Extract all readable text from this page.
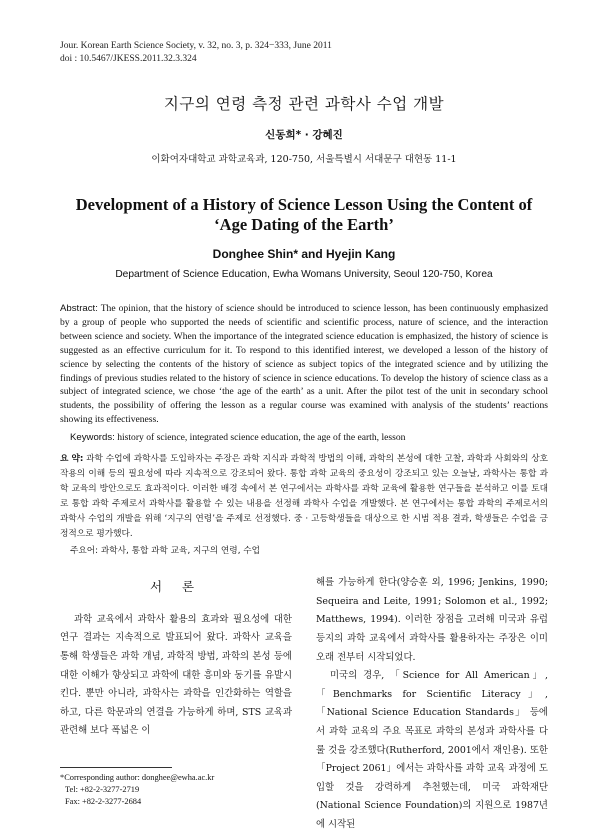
Jour. Korean Earth Science Society, v. 32, no. 3, p. 324−333, June 2011
doi : 10.5467/JKESS.2011.32.3.324
지구의 연령 측정 관련 과학사 수업 개발
신동희* · 강혜진
이화여자대학교 과학교육과, 120-750, 서울특별시 서대문구 대현동 11-1
Development of a History of Science Lesson Using the Content of
‘Age Dating of the Earth’
Donghee Shin* and Hyejin Kang
Department of Science Education, Ewha Womans University, Seoul 120-750, Korea
Abstract: The opinion, that the history of science should be introduced to science lesson, has been continuously emphasized by a group of people who supported the needs of scientific and scientific process, nature of science, and the interaction between science and society. When the importance of the integrated science education is emphasized, the history of science is suggested as an effective curriculum for it. To respond to this identified interest, we developed a lesson of the history of science by selecting the contents of the history of science as subject topics of the integrated science and by utilizing the findings of previous studies related to the history of science in science educations. To develop the history of science class as a subject of integrated science, we chose ‘the age of the earth’ as a unit. After the pilot test of the unit in secondary school students, the possibility of offering the lesson as a regular course was examined with analysis of the students’ reactions showing its effectiveness.
Keywords: history of science, integrated science education, the age of the earth, lesson
요 약: 과학 수업에 과학사를 도입하자는 주장은 과학 지식과 과학적 방법의 이해, 과학의 본성에 대한 고찰, 과학과 사회와의 상호작용의 이해 등의 필요성에 따라 지속적으로 강조되어 왔다. 통합 과학 교육의 중요성이 강조되고 있는 오늘날, 과학사는 통합 과학 교육의 방안으로도 효과적이다. 이러한 배경 속에서 본 연구에서는 과학사를 과학 교육에 활용한 연구들을 분석하고 이를 토대로 통합 과학 주제로서 과학사를 활용할 수 있는 내용을 선정해 과학사 수업을 개발했다. 본 연구에서는 통합 과학의 주제로서의 과학사 수업의 개발을 위해 ‘지구의 연령’을 주제로 선정했다. 중 · 고등학생들을 대상으로 한 시범 적용 결과, 학생들은 수업을 긍정적으로 평가했다.
주요어: 과학사, 통합 과학 교육, 지구의 연령, 수업
서 론

과학 교육에서 과학사 활용의 효과와 필요성에 대한 연구 결과는 지속적으로 발표되어 왔다. 과학사 교육을 통해 학생들은 과학 개념, 과학적 방법, 과학의 본성 등에 대한 이해가 향상되고 과학에 대한 흥미와 동기를 유발시킨다. 뿐만 아니라, 과학사는 과학을 인간화하는 역할을 하고, 다른 학문과의 연결을 가능하게 하며, STS 교육과 관련해 보다 폭넓은 이

*Corresponding author: donghee@ewha.ac.kr
Tel: +82-2-3277-2719
Fax: +82-2-3277-2684

해를 가능하게 한다(양승훈 외, 1996; Jenkins, 1990; Sequeira and Leite, 1991; Solomon et al., 1992; Matthews, 1994). 이러한 장점을 고려해 미국과 유럽 등지의 과학 교육에서 과학사를 활용하자는 주장은 이미 오래 전부터 시작되었다.

미국의 경우, 「Science for All American」, 「Benchmarks for Scientific Literacy」, 「National Science Education Standards」 등에서 과학 교육의 주요 목표로 과학의 본성과 과학사를 다룰 것을 강조했다(Rutherford, 2001에서 재인용). 또한 「Project 2061」에서는 과학사를 과학 교육 과정에 도입할 것을 강력하게 추천했는데, 미국 과학재단(National Science Foundation)의 지원으로 1987년에 시작된
